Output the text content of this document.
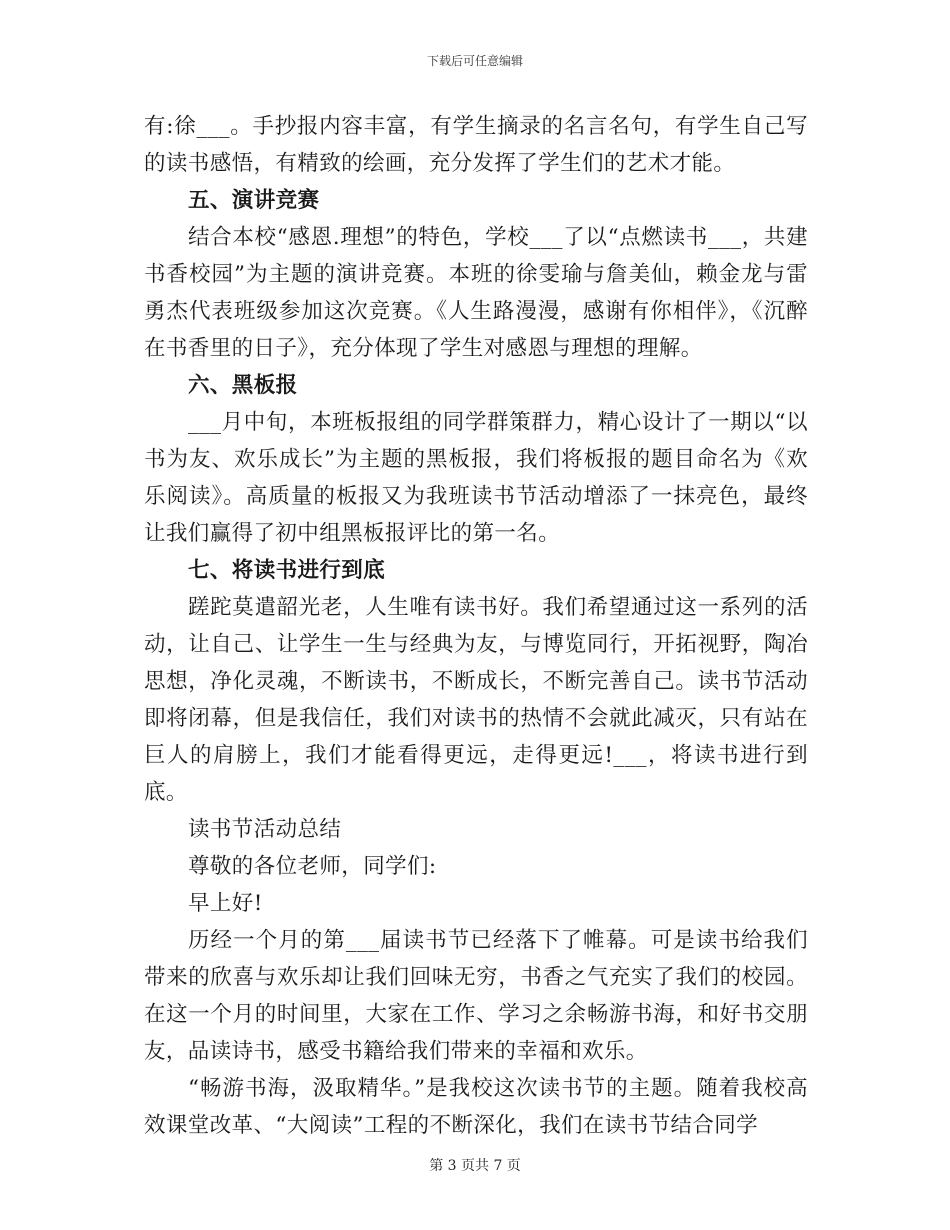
下载后可任意编辑

有:徐___。手抄报内容丰富，有学生摘录的名言名句，有学生自己写的读书感悟，有精致的绘画，充分发挥了学生们的艺术才能。

五、演讲竞赛

结合本校“感恩.理想”的特色，学校___了以“点燃读书___，共建书香校园”为主题的演讲竞赛。本班的徐雯瑜与詹美仙，赖金龙与雷勇杰代表班级参加这次竞赛。《人生路漫漫，感谢有你相伴》，《沉醉在书香里的日子》，充分体现了学生对感恩与理想的理解。

六、黑板报

___月中旬，本班板报组的同学群策群力，精心设计了一期以“以书为友、欢乐成长”为主题的黑板报，我们将板报的题目命名为《欢乐阅读》。高质量的板报又为我班读书节活动增添了一抹亮色，最终让我们赢得了初中组黑板报评比的第一名。

七、将读书进行到底

蹉跎莫遣韶光老，人生唯有读书好。我们希望通过这一系列的活动，让自己、让学生一生与经典为友，与博览同行，开拓视野，陶冶思想，净化灵魂，不断读书，不断成长，不断完善自己。读书节活动即将闭幕，但是我信任，我们对读书的热情不会就此减灭，只有站在巨人的肩膀上，我们才能看得更远，走得更远!___，将读书进行到底。

读书节活动总结

尊敬的各位老师，同学们:

早上好!

历经一个月的第___届读书节已经落下了帷幕。可是读书给我们带来的欣喜与欢乐却让我们回味无穷，书香之气充实了我们的校园。在这一个月的时间里，大家在工作、学习之余畅游书海，和好书交朋友，品读诗书，感受书籍给我们带来的幸福和欢乐。

“畅游书海，汲取精华。”是我校这次读书节的主题。随着我校高效课堂改革、“大阅读”工程的不断深化，我们在读书节结合同学

第 3 页共 7 页
